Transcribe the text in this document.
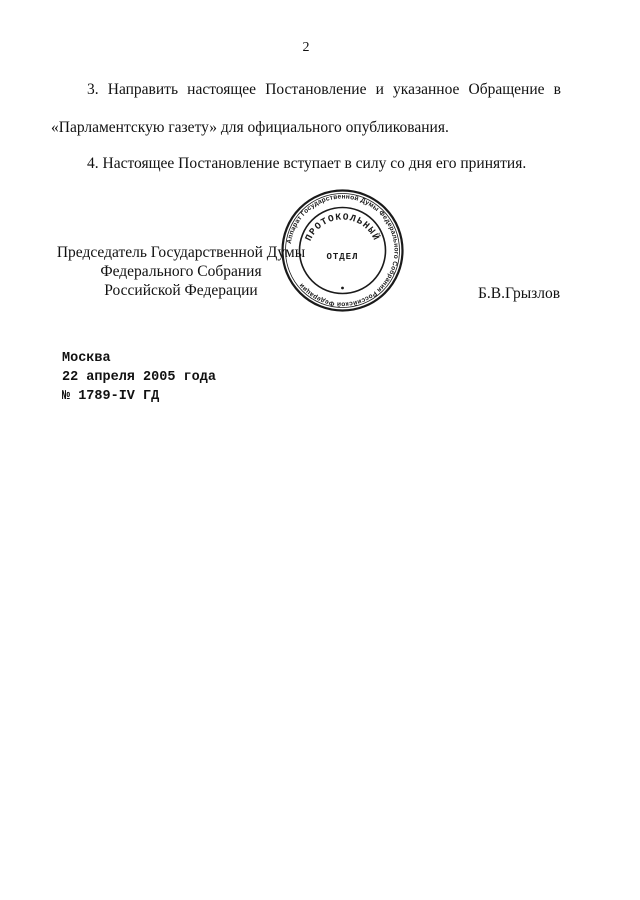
2
3. Направить настоящее Постановление и указанное Обращение в
«Парламентскую газету» для официального опубликования.
4. Настоящее Постановление вступает в силу со дня его принятия.
Председатель Государственной Думы
Федерального Собрания
Российской Федерации
Аппарат Государственной Думы Федерального Собрания Российской Федерации
ПРОТОКОЛЬНЫЙ
ОТДЕЛ
Б.В.Грызлов
Москва
22 апреля 2005 года
№ 1789-IV ГД
